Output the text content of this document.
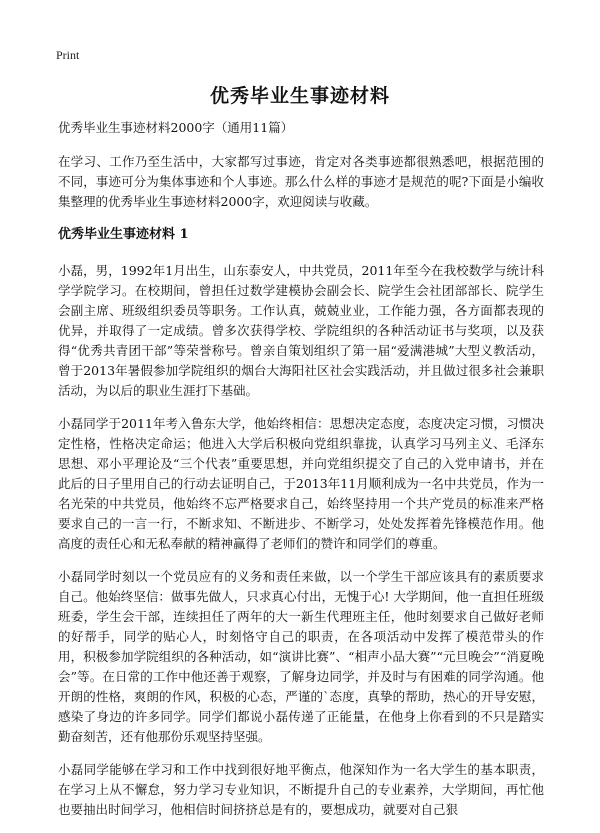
Print
优秀毕业生事迹材料

优秀毕业生事迹材料2000字（通用11篇）

在学习、工作乃至生活中，大家都写过事迹，肯定对各类事迹都很熟悉吧，根据范围的不同，事迹可分为集体事迹和个人事迹。那么什么样的事迹才是规范的呢?下面是小编收集整理的优秀毕业生事迹材料2000字，欢迎阅读与收藏。

优秀毕业生事迹材料 1

小磊，男，1992年1月出生，山东泰安人，中共党员，2011年至今在我校数学与统计科学学院学习。在校期间，曾担任过数学建模协会副会长、院学生会社团部部长、院学生会副主席、班级组织委员等职务。工作认真，兢兢业业，工作能力强，各方面都表现的优异，并取得了一定成绩。曾多次获得学校、学院组织的各种活动证书与奖项，以及获得“优秀共青团干部”等荣誉称号。曾亲自策划组织了第一届“爱满港城”大型义教活动，曾于2013年暑假参加学院组织的烟台大海阳社区社会实践活动，并且做过很多社会兼职活动，为以后的职业生涯打下基础。

小磊同学于2011年考入鲁东大学，他始终相信：思想决定态度，态度决定习惯，习惯决定性格，性格决定命运；他进入大学后积极向党组织靠拢，认真学习马列主义、毛泽东思想、邓小平理论及“三个代表”重要思想，并向党组织提交了自己的入党申请书，并在此后的日子里用自己的行动去证明自己，于2013年11月顺利成为一名中共党员，作为一名光荣的中共党员，他始终不忘严格要求自己，始终坚持用一个共产党员的标准来严格要求自己的一言一行，不断求知、不断进步、不断学习，处处发挥着先锋模范作用。他高度的责任心和无私奉献的精神赢得了老师们的赞许和同学们的尊重。

小磊同学时刻以一个党员应有的义务和责任来做，以一个学生干部应该具有的素质要求自己。他始终坚信：做事先做人，只求真心付出，无愧于心! 大学期间，他一直担任班级班委，学生会干部，连续担任了两年的大一新生代理班主任，他时刻要求自己做好老师的好帮手，同学的贴心人，时刻恪守自己的职责，在各项活动中发挥了模范带头的作用，积极参加学院组织的各种活动，如“演讲比赛”、“相声小品大赛”“元旦晚会”“消夏晚会”等。在日常的工作中他还善于观察，了解身边同学，并及时与有困难的同学沟通。他开朗的性格，爽朗的作风，积极的心态，严谨的`态度，真挚的帮助，热心的开导安慰，感染了身边的许多同学。同学们都说小磊传递了正能量，在他身上你看到的不只是踏实勤奋刻苦，还有他那份乐观坚持坚强。

小磊同学能够在学习和工作中找到很好地平衡点，他深知作为一名大学生的基本职责，在学习上从不懈怠，努力学习专业知识，不断提升自己的专业素养，大学期间，再忙他也要抽出时间学习，他相信时间挤挤总是有的，要想成功，就要对自己狠
